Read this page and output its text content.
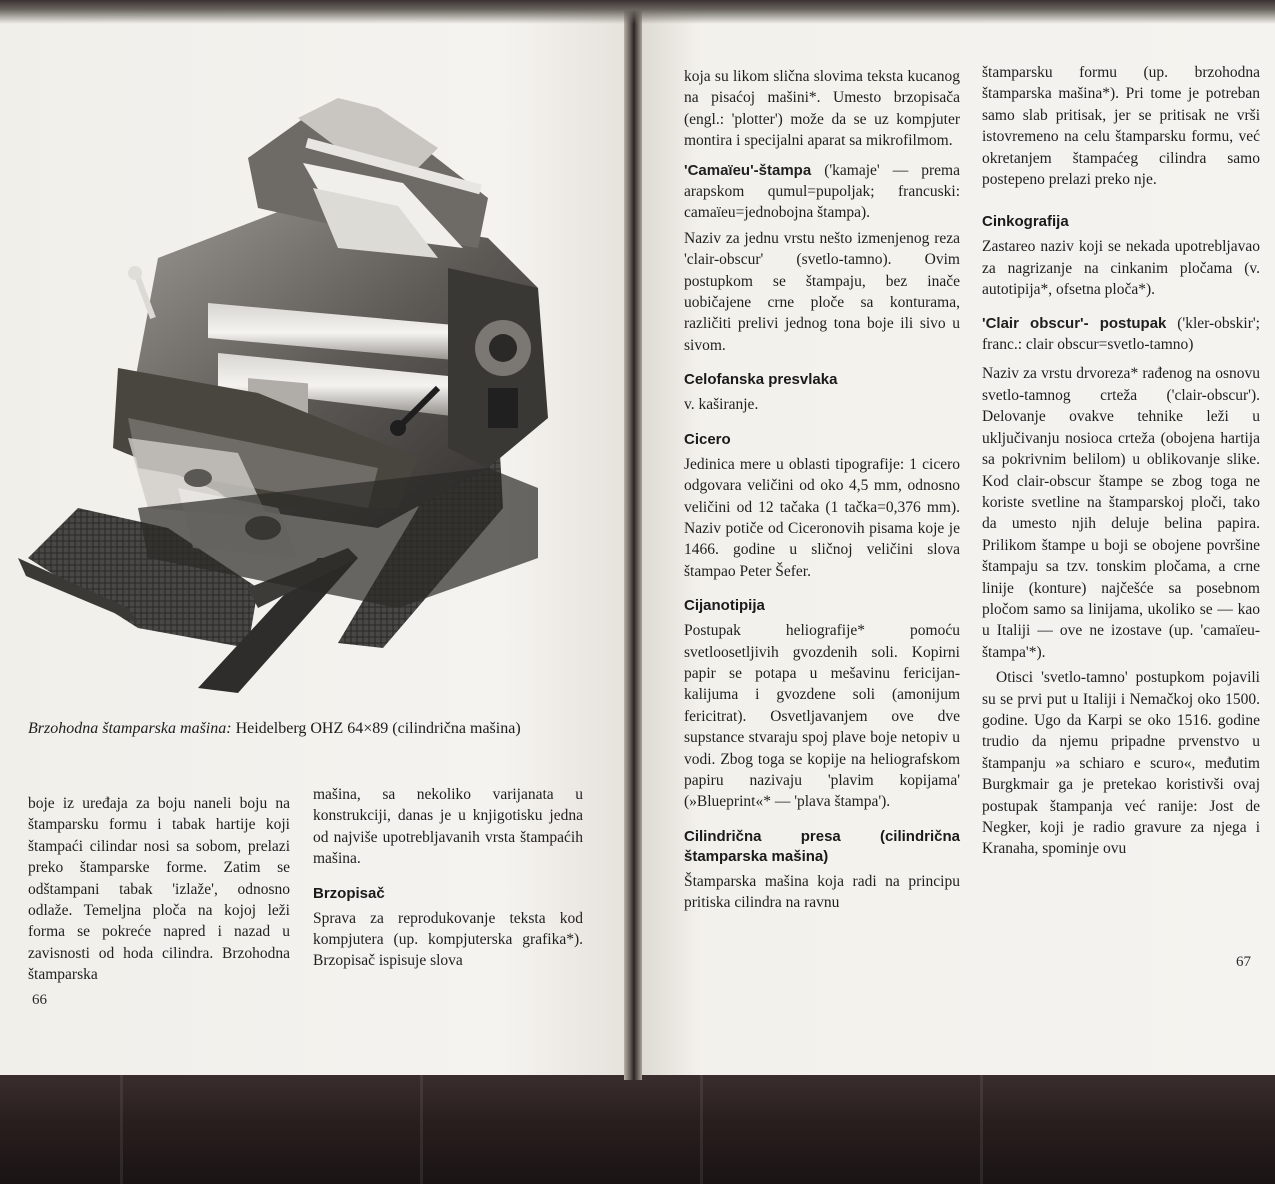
Brzohodna štamparska mašina: Heidelberg OHZ 64×89 (cilindrična mašina)

boje iz uređaja za boju naneli boju na štamparsku formu i tabak hartije koji štampaći cilindar nosi sa sobom, prelazi preko štamparske forme. Zatim se odštampani tabak 'izlaže', odnosno odlaže. Temeljna ploča na kojoj leži forma se pokreće napred i nazad u zavisnosti od hoda cilindra. Brzohodna štamparska

mašina, sa nekoliko varijanata u konstrukciji, danas je u knjigotisku jedna od najviše upotrebljavanih vrsta štampaćih mašina.

Brzopisač

Sprava za reprodukovanje teksta kod kompjutera (up. kompjuterska grafika*). Brzopisač ispisuje slova

66

koja su likom slična slovima teksta kucanog na pisaćoj mašini*. Umesto brzopisača (engl.: 'plotter') može da se uz kompjuter montira i specijalni aparat sa mikrofilmom.

'Camaïeu'-štampa ('kamaje' — prema arapskom qumul=pupoljak; francuski: camaïeu=jednobojna štampa).

Naziv za jednu vrstu nešto izmenjenog reza 'clair-obscur' (svetlo-tamno). Ovim postupkom se štampaju, bez inače uobičajene crne ploče sa konturama, različiti prelivi jednog tona boje ili sivo u sivom.

Celofanska presvlaka

v. kaširanje.

Cicero

Jedinica mere u oblasti tipografije: 1 cicero odgovara veličini od oko 4,5 mm, odnosno veličini od 12 tačaka (1 tačka=0,376 mm). Naziv potiče od Ciceronovih pisama koje je 1466. godine u sličnoj veličini slova štampao Peter Šefer.

Cijanotipija

Postupak heliografije* pomoću svetloosetljivih gvozdenih soli. Kopirni papir se potapa u mešavinu fericijankalijuma i gvozdene soli (amonijum fericitrat). Osvetljavanjem ove dve supstance stvaraju spoj plave boje netopiv u vodi. Zbog toga se kopije na heliografskom papiru nazivaju 'plavim kopijama' (»Blueprint«* — 'plava štampa').

Cilindrična presa (cilindrična štamparska mašina)

Štamparska mašina koja radi na principu pritiska cilindra na ravnu

štamparsku formu (up. brzohodna štamparska mašina*). Pri tome je potreban samo slab pritisak, jer se pritisak ne vrši istovremeno na celu štamparsku formu, već okretanjem štampaćeg cilindra samo postepeno prelazi preko nje.

Cinkografija

Zastareo naziv koji se nekada upotrebljavao za nagrizanje na cinkanim pločama (v. autotipija*, ofsetna ploča*).

'Clair obscur'- postupak ('kler-obskir'; franc.: clair obscur=svetlo-tamno)

Naziv za vrstu drvoreza* rađenog na osnovu svetlo-tamnog crteža ('clair-obscur'). Delovanje ovakve tehnike leži u uključivanju nosioca crteža (obojena hartija sa pokrivnim belilom) u oblikovanje slike. Kod clair-obscur štampe se zbog toga ne koriste svetline na štamparskoj ploči, tako da umesto njih deluje belina papira. Prilikom štampe u boji se obojene površine štampaju sa tzv. tonskim pločama, a crne linije (konture) najčešće sa posebnom pločom samo sa linijama, ukoliko se — kao u Italiji — ove ne izostave (up. 'camaïeu-štampa'*).

Otisci 'svetlo-tamno' postupkom pojavili su se prvi put u Italiji i Nemačkoj oko 1500. godine. Ugo da Karpi se oko 1516. godine trudio da njemu pripadne prvenstvo u štampanju »a schiaro e scuro«, međutim Burgkmair ga je pretekao koristivši ovaj postupak štampanja već ranije: Jost de Negker, koji je radio gravure za njega i Kranaha, spominje ovu

67
